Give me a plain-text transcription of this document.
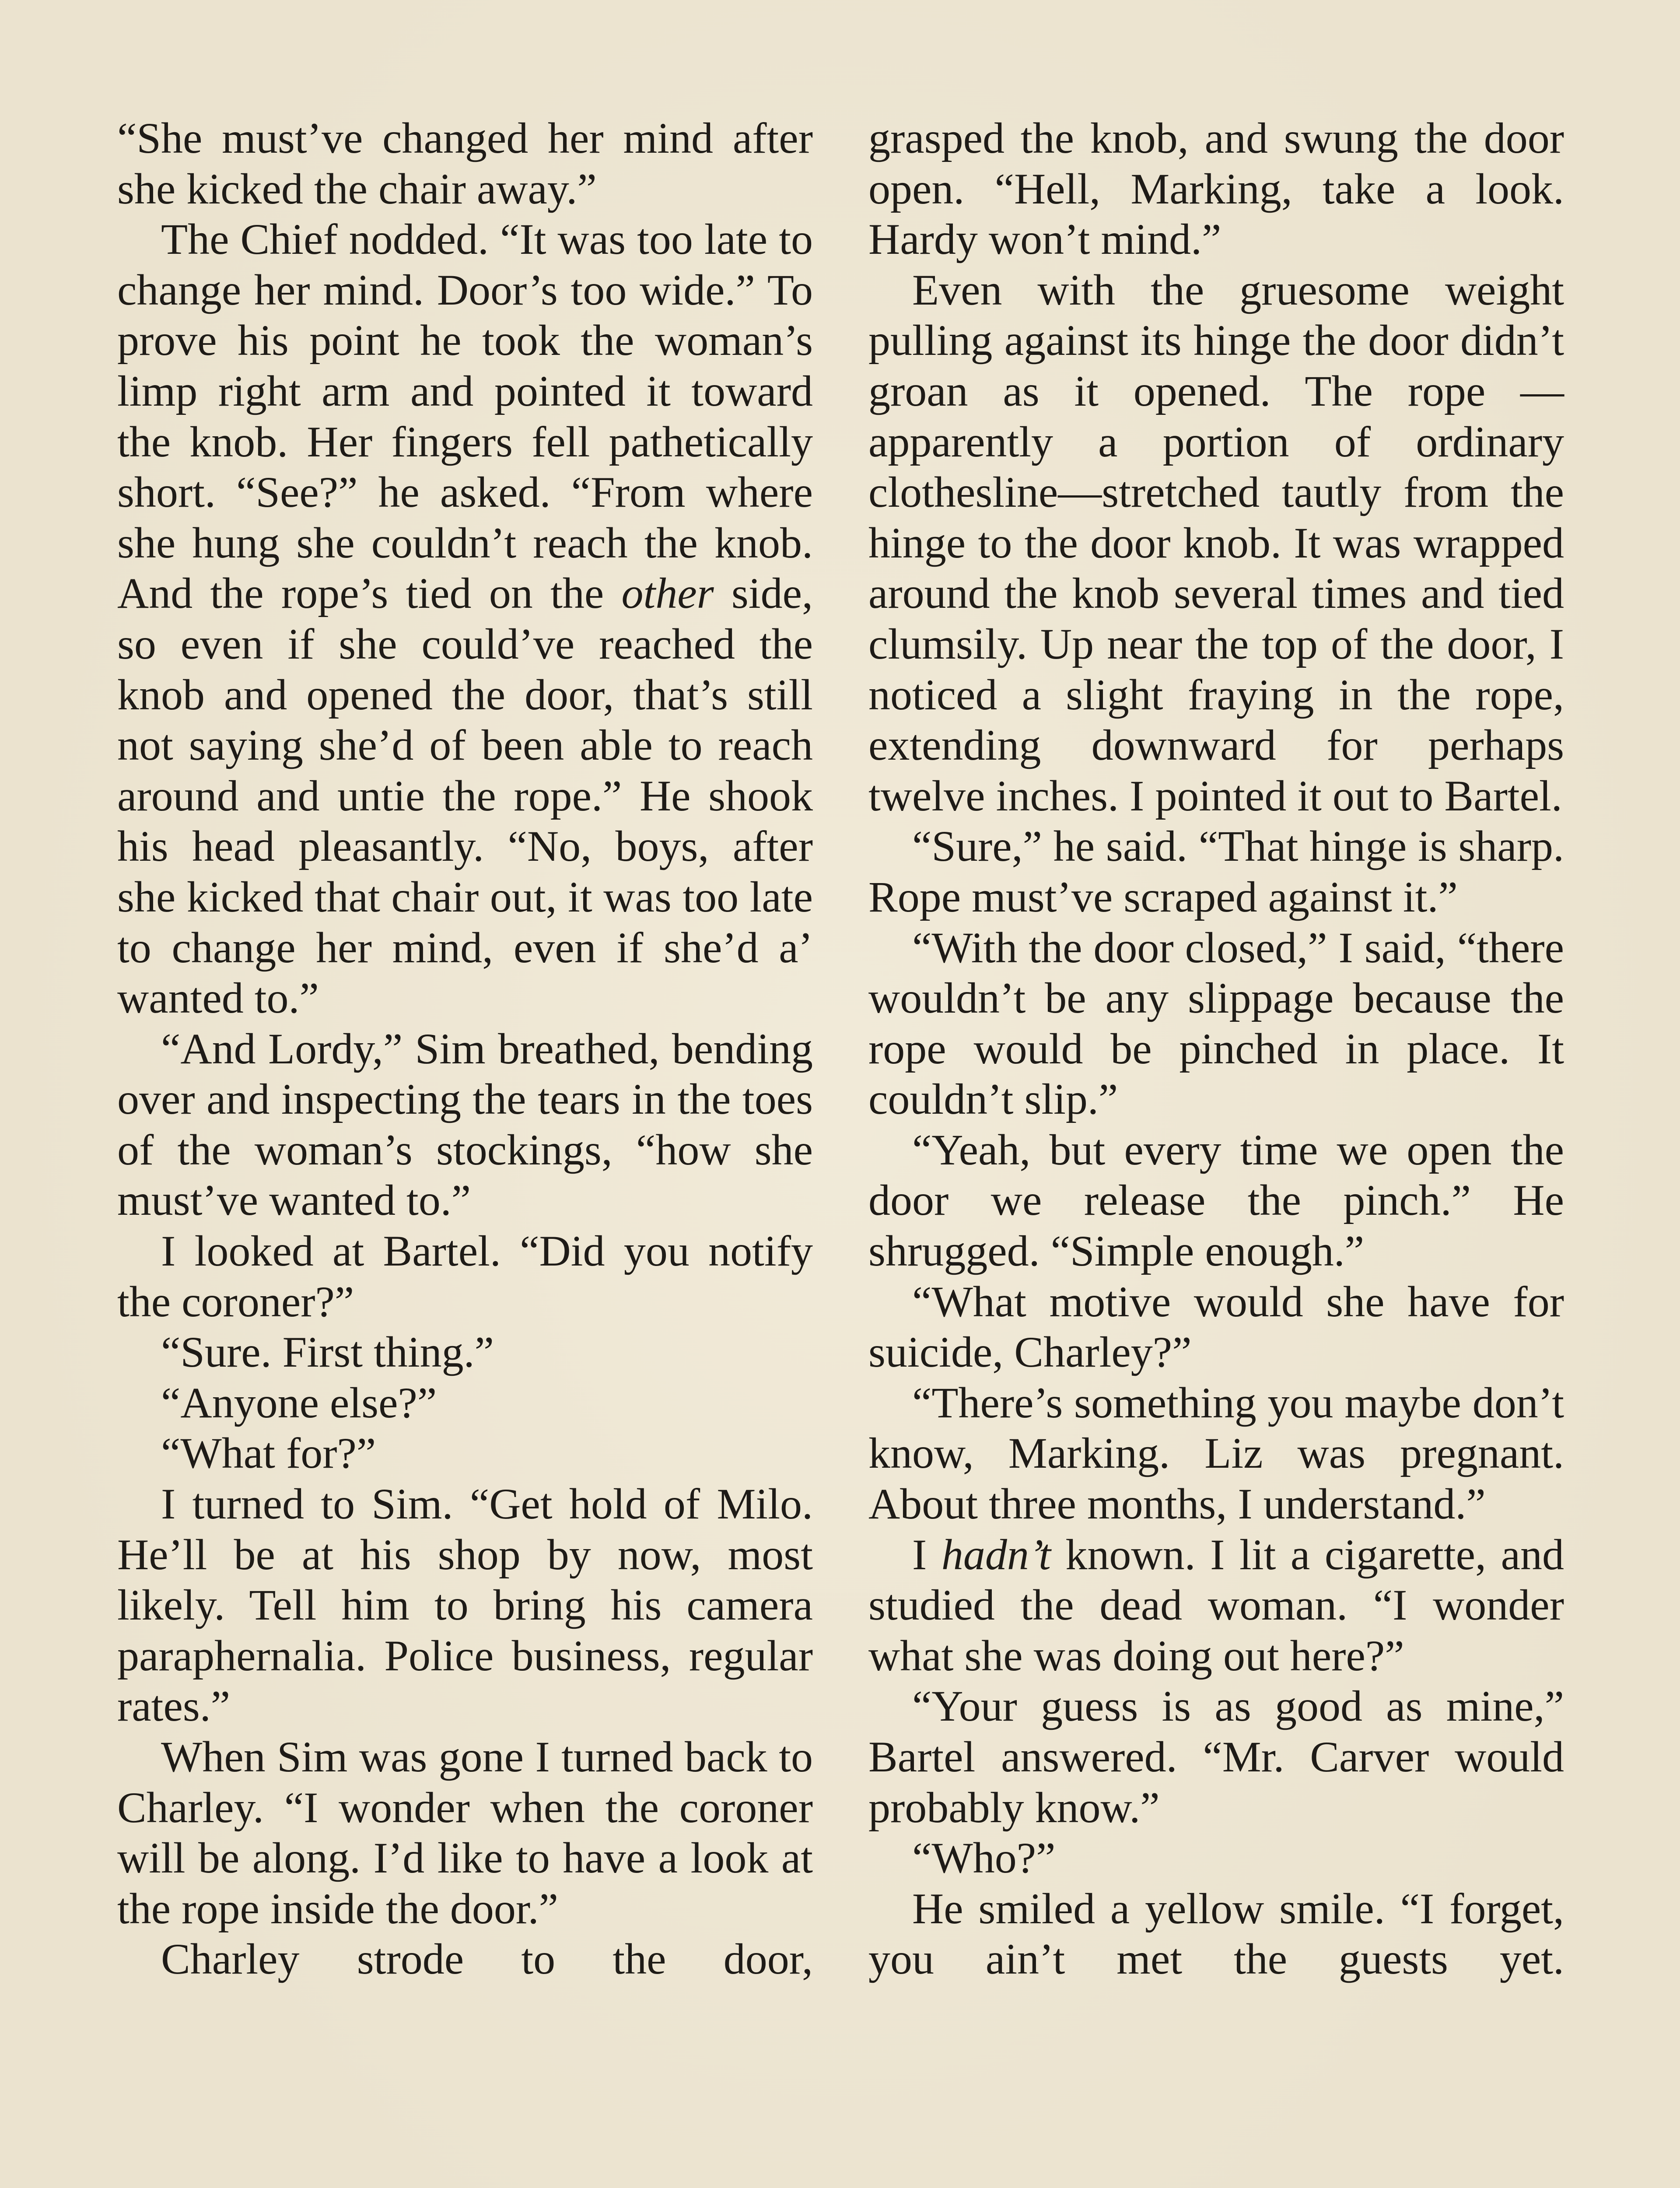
“She must’ve changed her mind after she kicked the chair away.”

The Chief nodded. “It was too late to change her mind. Door’s too wide.” To prove his point he took the woman’s limp right arm and pointed it toward the knob. Her fingers fell pathetically short. “See?” he asked. “From where she hung she couldn’t reach the knob. And the rope’s tied on the other side, so even if she could’ve reached the knob and opened the door, that’s still not saying she’d of been able to reach around and untie the rope.” He shook his head pleasantly. “No, boys, after she kicked that chair out, it was too late to change her mind, even if she’d a’ wanted to.”

“And Lordy,” Sim breathed, bending over and inspecting the tears in the toes of the woman’s stockings, “how she must’ve wanted to.”

I looked at Bartel. “Did you notify the coroner?”

“Sure. First thing.”

“Anyone else?”

“What for?”

I turned to Sim. “Get hold of Milo. He’ll be at his shop by now, most likely. Tell him to bring his camera paraphernalia. Police business, regular rates.”

When Sim was gone I turned back to Charley. “I wonder when the coroner will be along. I’d like to have a look at the rope inside the door.”

Charley strode to the door,

grasped the knob, and swung the door open. “Hell, Marking, take a look. Hardy won’t mind.”

Even with the gruesome weight pulling against its hinge the door didn’t groan as it opened. The rope —apparently a portion of ordinary clothesline—stretched tautly from the hinge to the door knob. It was wrapped around the knob several times and tied clumsily. Up near the top of the door, I noticed a slight fraying in the rope, extending downward for perhaps twelve inches. I pointed it out to Bartel.

“Sure,” he said. “That hinge is sharp. Rope must’ve scraped against it.”

“With the door closed,” I said, “there wouldn’t be any slippage because the rope would be pinched in place. It couldn’t slip.”

“Yeah, but every time we open the door we release the pinch.” He shrugged. “Simple enough.”

“What motive would she have for suicide, Charley?”

“There’s something you maybe don’t know, Marking. Liz was pregnant. About three months, I understand.”

I hadn’t known. I lit a cigarette, and studied the dead woman. “I wonder what she was doing out here?”

“Your guess is as good as mine,” Bartel answered. “Mr. Carver would probably know.”

“Who?”

He smiled a yellow smile. “I forget, you ain’t met the guests yet.
